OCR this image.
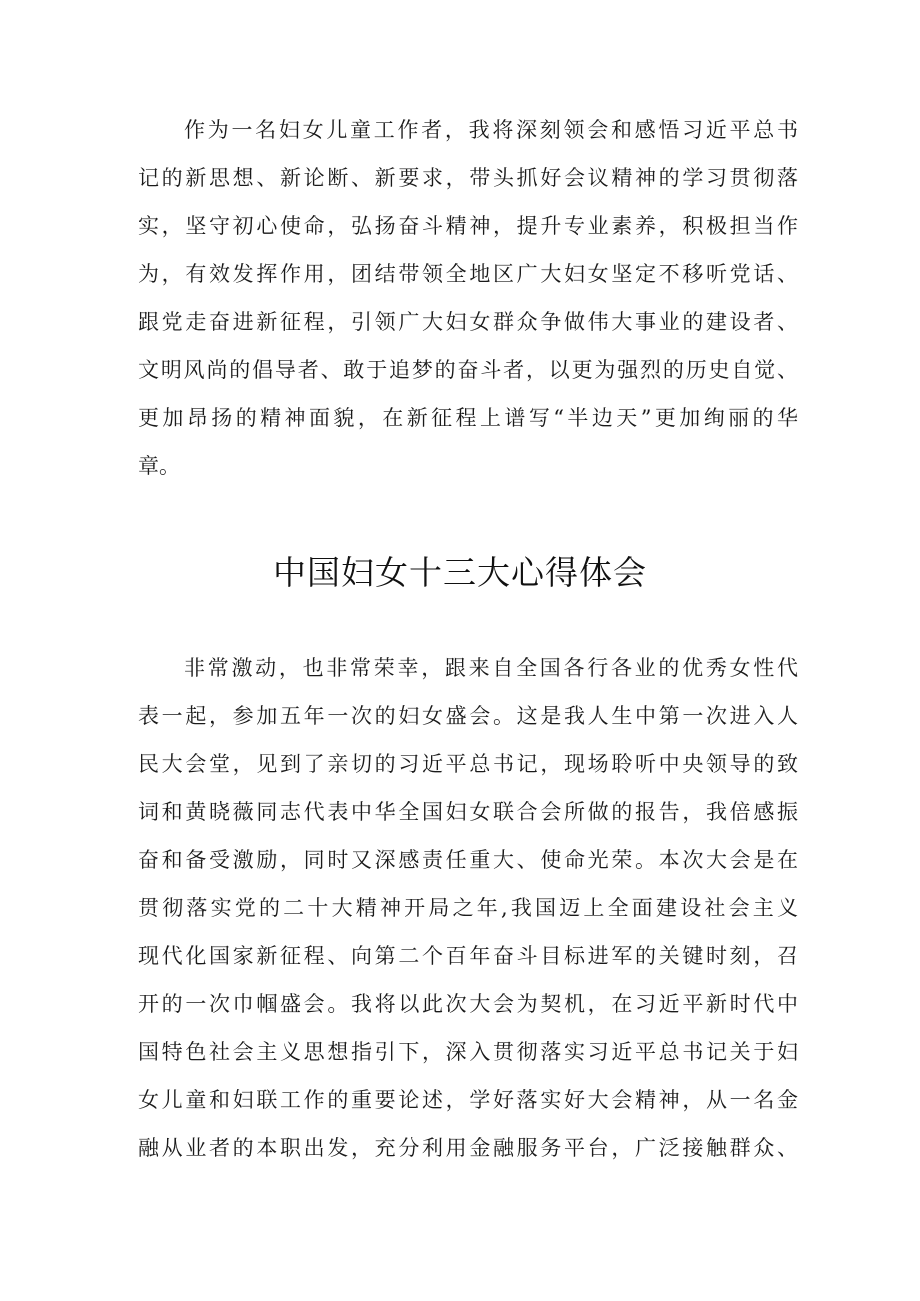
作为一名妇女儿童工作者，我将深刻领会和感悟习近平总书
记的新思想、新论断、新要求，带头抓好会议精神的学习贯彻落
实，坚守初心使命，弘扬奋斗精神，提升专业素养，积极担当作
为，有效发挥作用，团结带领全地区广大妇女坚定不移听党话、
跟党走奋进新征程，引领广大妇女群众争做伟大事业的建设者、
文明风尚的倡导者、敢于追梦的奋斗者，以更为强烈的历史自觉、
更加昂扬的精神面貌，在新征程上谱写“半边天”更加绚丽的华
章。
中国妇女十三大心得体会
非常激动，也非常荣幸，跟来自全国各行各业的优秀女性代
表一起，参加五年一次的妇女盛会。这是我人生中第一次进入人
民大会堂，见到了亲切的习近平总书记，现场聆听中央领导的致
词和黄晓薇同志代表中华全国妇女联合会所做的报告，我倍感振
奋和备受激励，同时又深感责任重大、使命光荣。本次大会是在
贯彻落实党的二十大精神开局之年,我国迈上全面建设社会主义
现代化国家新征程、向第二个百年奋斗目标进军的关键时刻，召
开的一次巾帼盛会。我将以此次大会为契机，在习近平新时代中
国特色社会主义思想指引下，深入贯彻落实习近平总书记关于妇
女儿童和妇联工作的重要论述，学好落实好大会精神，从一名金
融从业者的本职出发，充分利用金融服务平台，广泛接触群众、
